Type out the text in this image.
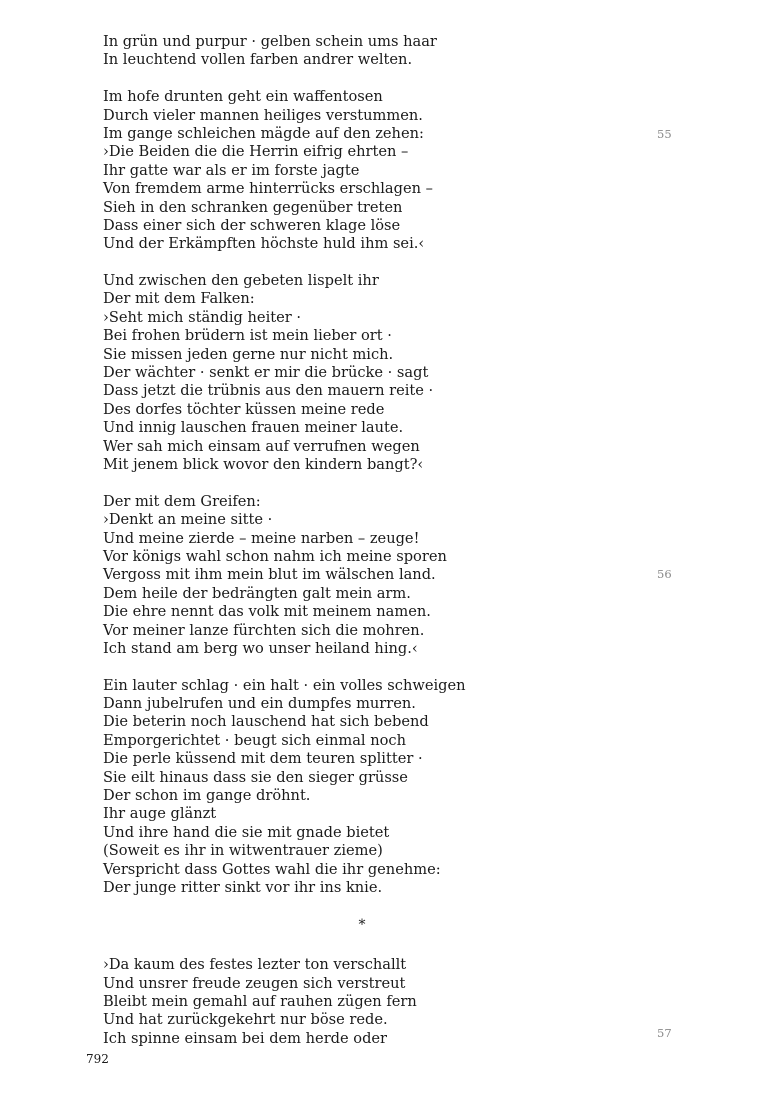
In grün und purpur · gelben schein ums haar
In leuchtend vollen farben andrer welten.
Im hofe drunten geht ein waffentosen
Durch vieler mannen heiliges verstummen.
Im gange schleichen mägde auf den zehen:
›Die Beiden die die Herrin eifrig ehrten –
Ihr gatte war als er im forste jagte
Von fremdem arme hinterrücks erschlagen –
Sieh in den schranken gegenüber treten
Dass einer sich der schweren klage löse
Und der Erkämpften höchste huld ihm sei.‹
Und zwischen den gebeten lispelt ihr
Der mit dem Falken:
›Seht mich ständig heiter ·
Bei frohen brüdern ist mein lieber ort ·
Sie missen jeden gerne nur nicht mich.
Der wächter · senkt er mir die brücke · sagt
Dass jetzt die trübnis aus den mauern reite ·
Des dorfes töchter küssen meine rede
Und innig lauschen frauen meiner laute.
Wer sah mich einsam auf verrufnen wegen
Mit jenem blick wovor den kindern bangt?‹
Der mit dem Greifen:
›Denkt an meine sitte ·
Und meine zierde – meine narben – zeuge!
Vor königs wahl schon nahm ich meine sporen
Vergoss mit ihm mein blut im wälschen land.
Dem heile der bedrängten galt mein arm.
Die ehre nennt das volk mit meinem namen.
Vor meiner lanze fürchten sich die mohren.
Ich stand am berg wo unser heiland hing.‹
Ein lauter schlag · ein halt · ein volles schweigen
Dann jubelrufen und ein dumpfes murren.
Die beterin noch lauschend hat sich bebend
Emporgerichtet · beugt sich einmal noch
Die perle küssend mit dem teuren splitter ·
Sie eilt hinaus dass sie den sieger grüsse
Der schon im gange dröhnt.
Ihr auge glänzt
Und ihre hand die sie mit gnade bietet
(Soweit es ihr in witwentrauer zieme)
Verspricht dass Gottes wahl die ihr genehme:
Der junge ritter sinkt vor ihr ins knie.
*
›Da kaum des festes lezter ton verschallt
Und unsrer freude zeugen sich verstreut
Bleibt mein gemahl auf rauhen zügen fern
Und hat zurückgekehrt nur böse rede.
Ich spinne einsam bei dem herde oder
55
56
57
792
